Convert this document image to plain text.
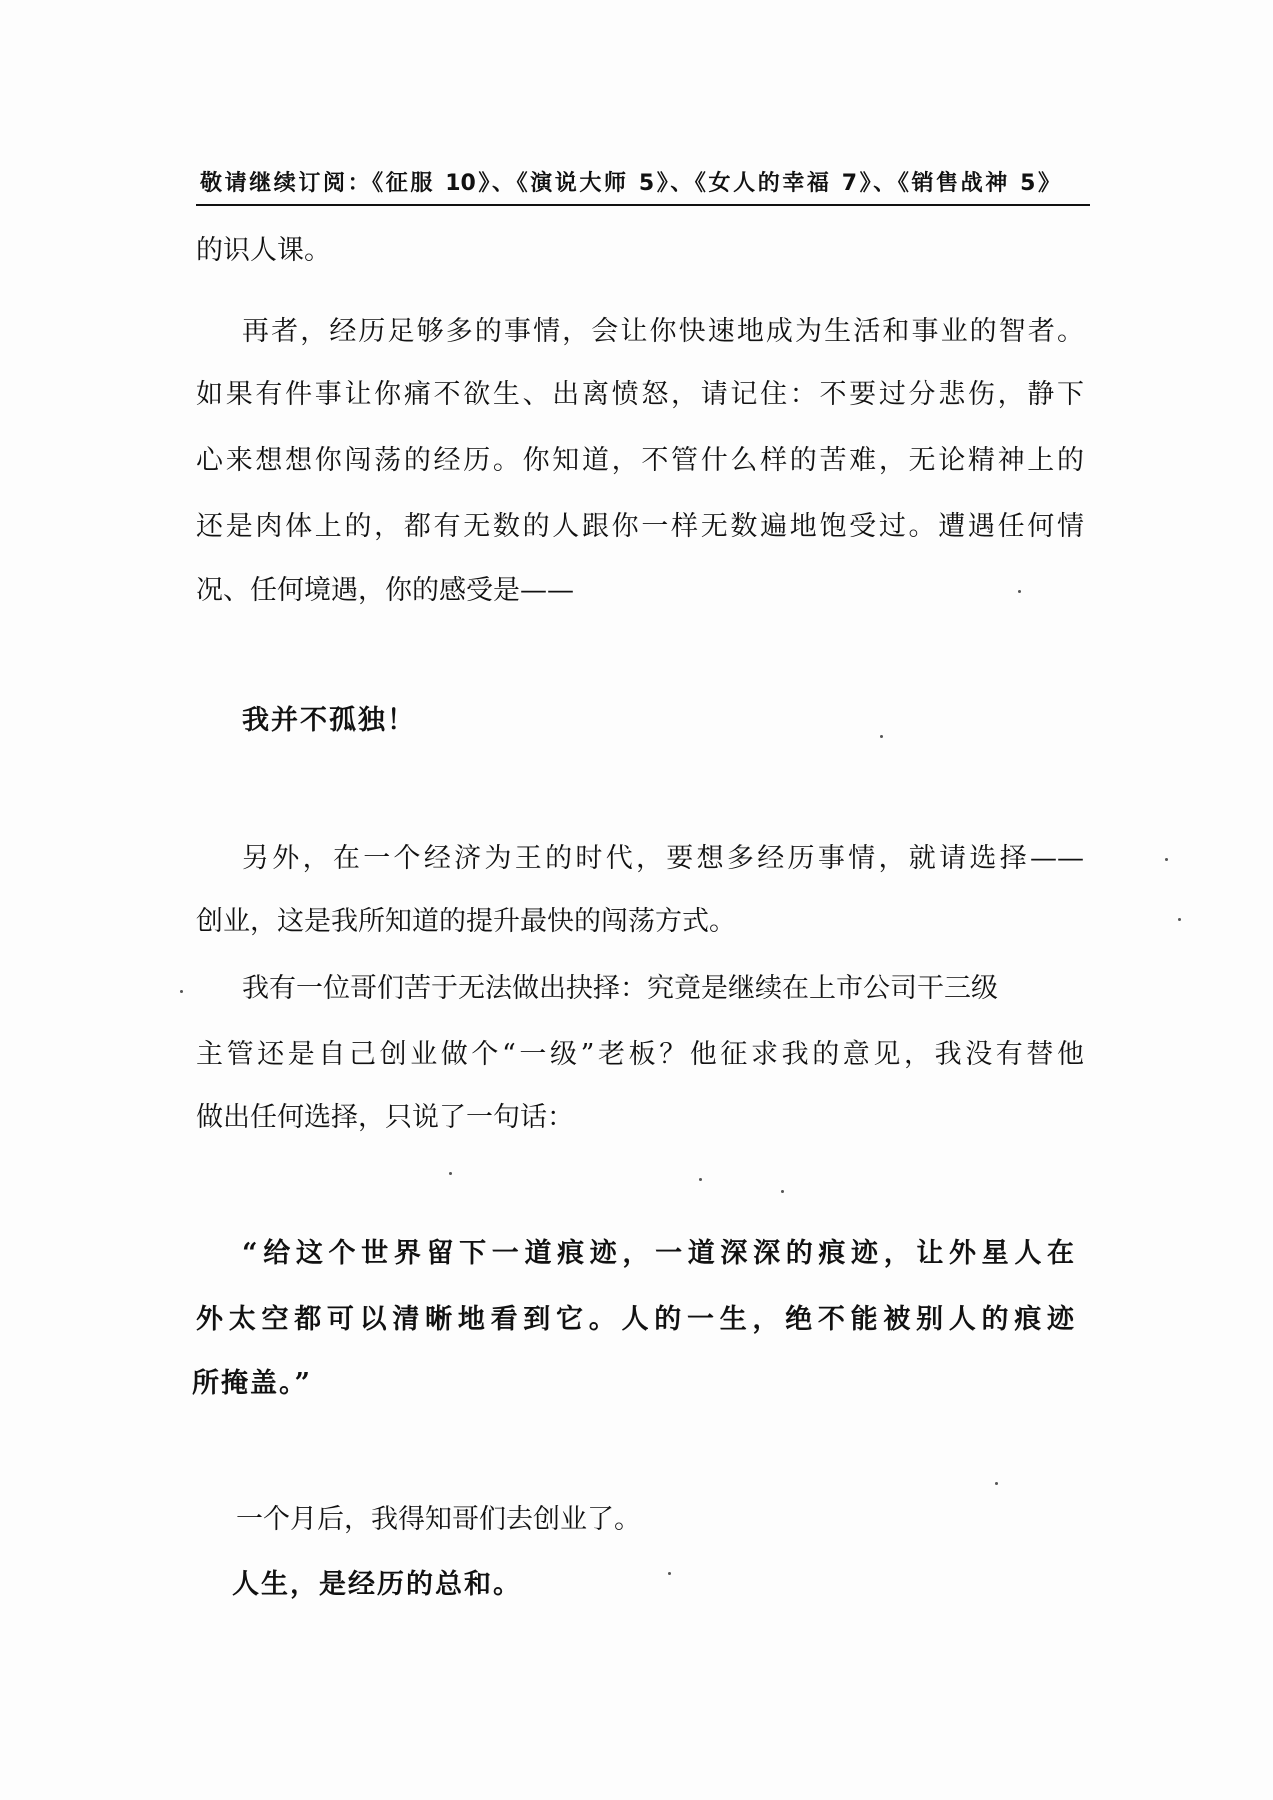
敬请继续订阅：《征服 10》、《演说大师 5》、《女人的幸福 7》、《销售战神 5》
的识人课。
再者，经历足够多的事情，会让你快速地成为生活和事业的智者。
如果有件事让你痛不欲生、出离愤怒，请记住：不要过分悲伤，静下
心来想想你闯荡的经历。你知道，不管什么样的苦难，无论精神上的
还是肉体上的，都有无数的人跟你一样无数遍地饱受过。遭遇任何情
况、任何境遇，你的感受是——
我并不孤独！
另外，在一个经济为王的时代，要想多经历事情，就请选择——
创业，这是我所知道的提升最快的闯荡方式。
我有一位哥们苦于无法做出抉择：究竟是继续在上市公司干三级
主管还是自己创业做个“一级”老板？他征求我的意见，我没有替他
做出任何选择，只说了一句话：
“给这个世界留下一道痕迹，一道深深的痕迹，让外星人在
外太空都可以清晰地看到它。人的一生，绝不能被别人的痕迹
所掩盖。”
一个月后，我得知哥们去创业了。
人生，是经历的总和。
